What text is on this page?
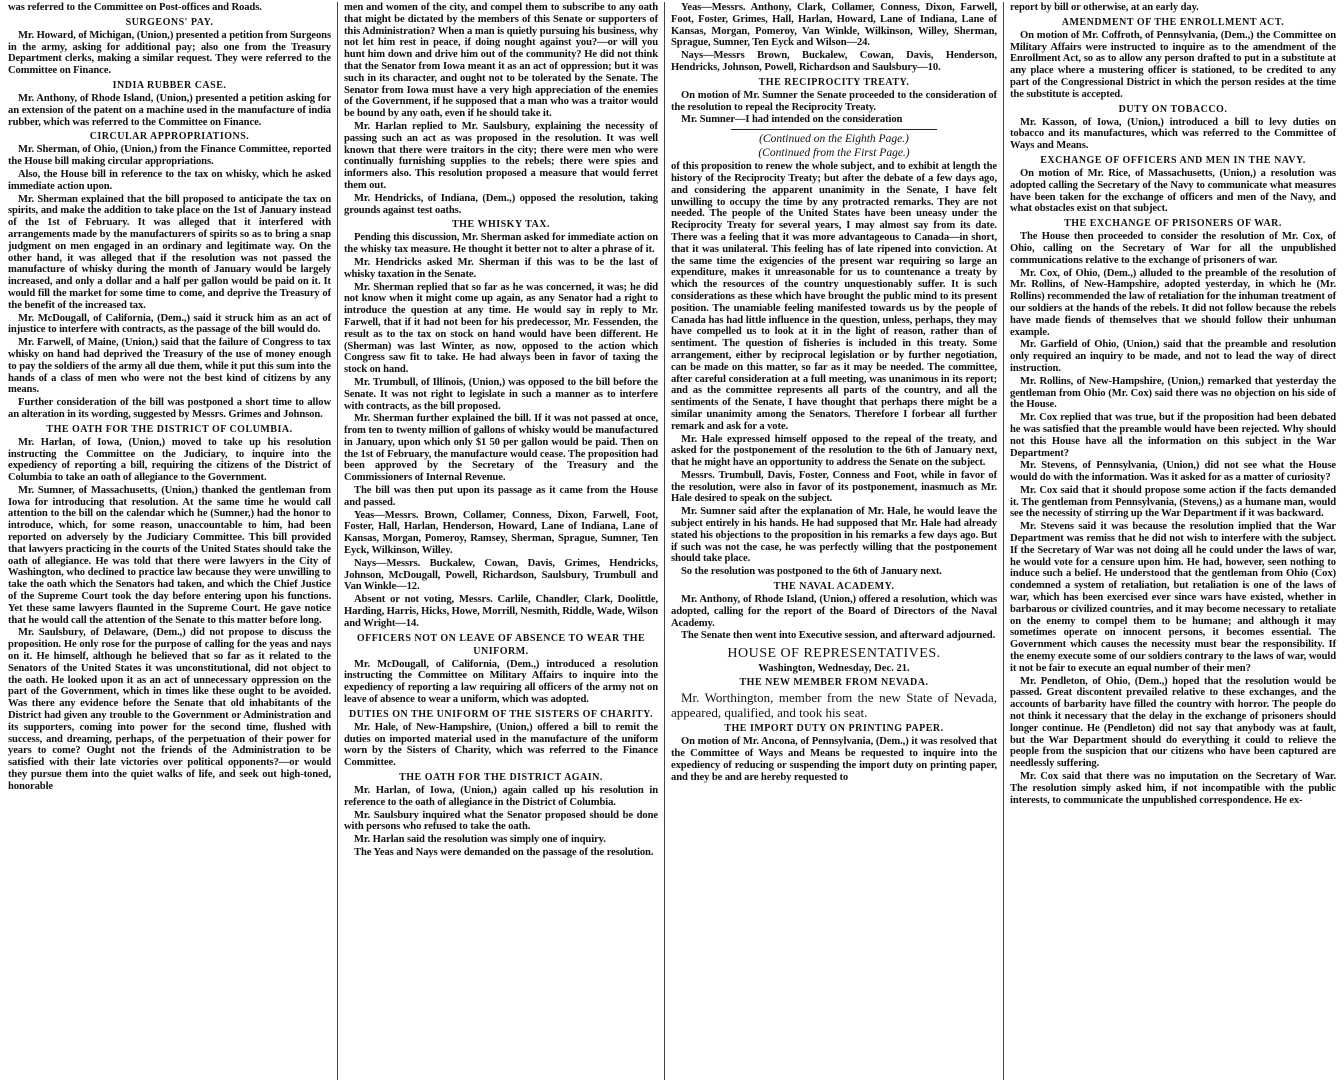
was referred to the Committee on Post-offices and Roads.

SURGEONS' PAY.

Mr. Howard, of Michigan, (Union,) presented a petition from Surgeons in the army, asking for additional pay; also one from the Treasury Department clerks, making a similar request. They were referred to the Committee on Finance.

INDIA RUBBER CASE.

Mr. Anthony, of Rhode Island, (Union,) presented a petition asking for an extension of the patent on a machine used in the manufacture of india rubber, which was referred to the Committee on Finance.

CIRCULAR APPROPRIATIONS.

Mr. Sherman, of Ohio, (Union,) from the Finance Committee, reported the House bill making circular appropriations.

Also, the House bill in reference to the tax on whisky, which he asked immediate action upon.

Mr. Sherman explained that the bill proposed to anticipate the tax on spirits, and make the addition to take place on the 1st of January instead of the 1st of February. It was alleged that it interfered with arrangements made by the manufacturers of spirits so as to bring a snap judgment on men engaged in an ordinary and legitimate way. On the other hand, it was alleged that if the resolution was not passed the manufacture of whisky during the month of January would be largely increased, and only a dollar and a half per gallon would be paid on it. It would fill the market for some time to come, and deprive the Treasury of the benefit of the increased tax.

Mr. McDougall, of California, (Dem.,) said it struck him as an act of injustice to interfere with contracts, as the passage of the bill would do.

Mr. Farwell, of Maine, (Union,) said that the failure of Congress to tax whisky on hand had deprived the Treasury of the use of money enough to pay the soldiers of the army all due them, while it put this sum into the hands of a class of men who were not the best kind of citizens by any means.

Further consideration of the bill was postponed a short time to allow an alteration in its wording, suggested by Messrs. Grimes and Johnson.

THE OATH FOR THE DISTRICT OF COLUMBIA.

Mr. Harlan, of Iowa, (Union,) moved to take up his resolution instructing the Committee on the Judiciary, to inquire into the expediency of reporting a bill, requiring the citizens of the District of Columbia to take an oath of allegiance to the Government.

Mr. Sumner, of Massachusetts, (Union,) thanked the gentleman from Iowa for introducing that resolution. At the same time he would call attention to the bill on the calendar which he (Sumner,) had the honor to introduce, which, for some reason, unaccountable to him, had been reported on adversely by the Judiciary Committee. This bill provided that lawyers practicing in the courts of the United States should take the oath of allegiance. He was told that there were lawyers in the City of Washington, who declined to practice law because they were unwilling to take the oath which the Senators had taken, and which the Chief Justice of the Supreme Court took the day before entering upon his functions. Yet these same lawyers flaunted in the Supreme Court. He gave notice that he would call the attention of the Senate to this matter before long.

Mr. Saulsbury, of Delaware, (Dem.,) did not propose to discuss the proposition. He only rose for the purpose of calling for the yeas and nays on it. He himself, although he believed that so far as it related to the Senators of the United States it was unconstitutional, did not object to the oath. He looked upon it as an act of unnecessary oppression on the part of the Government, which in times like these ought to be avoided. Was there any evidence before the Senate that old inhabitants of the District had given any trouble to the Government or Administration and its supporters, coming into power for the second time, flushed with success, and dreaming, perhaps, of the perpetuation of their power for years to come? Ought not the friends of the Administration to be satisfied with their late victories over political opponents?—or would they pursue them into the quiet walks of life, and seek out high-toned, honorable

men and women of the city, and compel them to subscribe to any oath that might be dictated by the members of this Senate or supporters of this Administration? When a man is quietly pursuing his business, why not let him rest in peace, if doing nought against you?—or will you hunt him down and drive him out of the community? He did not think that the Senator from Iowa meant it as an act of oppression; but it was such in its character, and ought not to be tolerated by the Senate. The Senator from Iowa must have a very high appreciation of the enemies of the Government, if he supposed that a man who was a traitor would be bound by any oath, even if he should take it.

Mr. Harlan replied to Mr. Saulsbury, explaining the necessity of passing such an act as was proposed in the resolution. It was well known that there were traitors in the city; there were men who were continually furnishing supplies to the rebels; there were spies and informers also. This resolution proposed a measure that would ferret them out.

Mr. Hendricks, of Indiana, (Dem.,) opposed the resolution, taking grounds against test oaths.

THE WHISKY TAX.

Pending this discussion, Mr. Sherman asked for immediate action on the whisky tax measure. He thought it better not to alter a phrase of it.

Mr. Hendricks asked Mr. Sherman if this was to be the last of whisky taxation in the Senate.

Mr. Sherman replied that so far as he was concerned, it was; he did not know when it might come up again, as any Senator had a right to introduce the question at any time. He would say in reply to Mr. Farwell, that if it had not been for his predecessor, Mr. Fessenden, the result as to the tax on stock on hand would have been different. He (Sherman) was last Winter, as now, opposed to the action which Congress saw fit to take. He had always been in favor of taxing the stock on hand.

Mr. Trumbull, of Illinois, (Union,) was opposed to the bill before the Senate. It was not right to legislate in such a manner as to interfere with contracts, as the bill proposed.

Mr. Sherman further explained the bill. If it was not passed at once, from ten to twenty million of gallons of whisky would be manufactured in January, upon which only $1 50 per gallon would be paid. Then on the 1st of February, the manufacture would cease. The proposition had been approved by the Secretary of the Treasury and the Commissioners of Internal Revenue.

The bill was then put upon its passage as it came from the House and passed.

Yeas—Messrs. Brown, Collamer, Conness, Dixon, Farwell, Foot, Foster, Hall, Harlan, Henderson, Howard, Lane of Indiana, Lane of Kansas, Morgan, Pomeroy, Ramsey, Sherman, Sprague, Sumner, Ten Eyck, Wilkinson, Willey.

Nays—Messrs. Buckalew, Cowan, Davis, Grimes, Hendricks, Johnson, McDougall, Powell, Richardson, Saulsbury, Trumbull and Van Winkle—12.

Absent or not voting, Messrs. Carlile, Chandler, Clark, Doolittle, Harding, Harris, Hicks, Howe, Morrill, Nesmith, Riddle, Wade, Wilson and Wright—14.

OFFICERS NOT ON LEAVE OF ABSENCE TO WEAR THE UNIFORM.

Mr. McDougall, of California, (Dem.,) introduced a resolution instructing the Committee on Military Affairs to inquire into the expediency of reporting a law requiring all officers of the army not on leave of absence to wear a uniform, which was adopted.

DUTIES ON THE UNIFORM OF THE SISTERS OF CHARITY.

Mr. Hale, of New-Hampshire, (Union,) offered a bill to remit the duties on imported material used in the manufacture of the uniform worn by the Sisters of Charity, which was referred to the Finance Committee.

THE OATH FOR THE DISTRICT AGAIN.

Mr. Harlan, of Iowa, (Union,) again called up his resolution in reference to the oath of allegiance in the District of Columbia.

Mr. Saulsbury inquired what the Senator proposed should be done with persons who refused to take the oath.

Mr. Harlan said the resolution was simply one of inquiry.

The Yeas and Nays were demanded on the passage of the resolution.

Yeas—Messrs. Anthony, Clark, Collamer, Conness, Dixon, Farwell, Foot, Foster, Grimes, Hall, Harlan, Howard, Lane of Indiana, Lane of Kansas, Morgan, Pomeroy, Van Winkle, Wilkinson, Willey, Sherman, Sprague, Sumner, Ten Eyck and Wilson—24.

Nays—Messrs Brown, Buckalew, Cowan, Davis, Henderson, Hendricks, Johnson, Powell, Richardson and Saulsbury—10.

THE RECIPROCITY TREATY.

On motion of Mr. Sumner the Senate proceeded to the consideration of the resolution to repeal the Reciprocity Treaty.

Mr. Sumner—I had intended on the consideration

(Continued on the Eighth Page.)
(Continued from the First Page.)

of this proposition to renew the whole subject, and to exhibit at length the history of the Reciprocity Treaty; but after the debate of a few days ago, and considering the apparent unanimity in the Senate, I have felt unwilling to occupy the time by any protracted remarks. They are not needed. The people of the United States have been uneasy under the Reciprocity Treaty for several years, I may almost say from its date. There was a feeling that it was more advantageous to Canada—in short, that it was unilateral. This feeling has of late ripened into conviction. At the same time the exigencies of the present war requiring so large an expenditure, makes it unreasonable for us to countenance a treaty by which the resources of the country unquestionably suffer. It is such considerations as these which have brought the public mind to its present position. The unamiable feeling manifested towards us by the people of Canada has had little influence in the question, unless, perhaps, they may have compelled us to look at it in the light of reason, rather than of sentiment. The question of fisheries is included in this treaty. Some arrangement, either by reciprocal legislation or by further negotiation, can be made on this matter, so far as it may be needed. The committee, after careful consideration at a full meeting, was unanimous in its report; and as the committee represents all parts of the country, and all the sentiments of the Senate, I have thought that perhaps there might be a similar unanimity among the Senators. Therefore I forbear all further remark and ask for a vote.

Mr. Hale expressed himself opposed to the repeal of the treaty, and asked for the postponement of the resolution to the 6th of January next, that he might have an opportunity to address the Senate on the subject.

Messrs. Trumbull, Davis, Foster, Conness and Foot, while in favor of the resolution, were also in favor of its postponement, inasmuch as Mr. Hale desired to speak on the subject.

Mr. Sumner said after the explanation of Mr. Hale, he would leave the subject entirely in his hands. He had supposed that Mr. Hale had already stated his objections to the proposition in his remarks a few days ago. But if such was not the case, he was perfectly willing that the postponement should take place.

So the resolution was postponed to the 6th of January next.

THE NAVAL ACADEMY.

Mr. Anthony, of Rhode Island, (Union,) offered a resolution, which was adopted, calling for the report of the Board of Directors of the Naval Academy.

The Senate then went into Executive session, and afterward adjourned.

HOUSE OF REPRESENTATIVES.
Washington, Wednesday, Dec. 21.
THE NEW MEMBER FROM NEVADA.

Mr. Worthington, member from the new State of Nevada, appeared, qualified, and took his seat.

THE IMPORT DUTY ON PRINTING PAPER.

On motion of Mr. Ancona, of Pennsylvania, (Dem.,) it was resolved that the Committee of Ways and Means be requested to inquire into the expediency of reducing or suspending the import duty on printing paper, and they be and are hereby requested to

report by bill or otherwise, at an early day.

AMENDMENT OF THE ENROLLMENT ACT.

On motion of Mr. Coffroth, of Pennsylvania, (Dem.,) the Committee on Military Affairs were instructed to inquire as to the amendment of the Enrollment Act, so as to allow any person drafted to put in a substitute at any place where a mustering officer is stationed, to be credited to any part of the Congressional District in which the person resides at the time the substitute is accepted.

DUTY ON TOBACCO.

Mr. Kasson, of Iowa, (Union,) introduced a bill to levy duties on tobacco and its manufactures, which was referred to the Committee of Ways and Means.

EXCHANGE OF OFFICERS AND MEN IN THE NAVY.

On motion of Mr. Rice, of Massachusetts, (Union,) a resolution was adopted calling the Secretary of the Navy to communicate what measures have been taken for the exchange of officers and men of the Navy, and what obstacles exist on that subject.

THE EXCHANGE OF PRISONERS OF WAR.

The House then proceeded to consider the resolution of Mr. Cox, of Ohio, calling on the Secretary of War for all the unpublished communications relative to the exchange of prisoners of war.

Mr. Cox, of Ohio, (Dem.,) alluded to the preamble of the resolution of Mr. Rollins, of New-Hampshire, adopted yesterday, in which he (Mr. Rollins) recommended the law of retaliation for the inhuman treatment of our soldiers at the hands of the rebels. It did not follow because the rebels have made fiends of themselves that we should follow their unhuman example.

Mr. Garfield of Ohio, (Union,) said that the preamble and resolution only required an inquiry to be made, and not to lead the way of direct instruction.

Mr. Rollins, of New-Hampshire, (Union,) remarked that yesterday the gentleman from Ohio (Mr. Cox) said there was no objection on his side of the House.

Mr. Cox replied that was true, but if the proposition had been debated he was satisfied that the preamble would have been rejected. Why should not this House have all the information on this subject in the War Department?

Mr. Stevens, of Pennsylvania, (Union,) did not see what the House would do with the information. Was it asked for as a matter of curiosity?

Mr. Cox said that it should propose some action if the facts demanded it. The gentleman from Pennsylvania, (Stevens,) as a humane man, would see the necessity of stirring up the War Department if it was backward.

Mr. Stevens said it was because the resolution implied that the War Department was remiss that he did not wish to interfere with the subject. If the Secretary of War was not doing all he could under the laws of war, he would vote for a censure upon him. He had, however, seen nothing to induce such a belief. He understood that the gentleman from Ohio (Cox) condemned a system of retaliation, but retaliation is one of the laws of war, which has been exercised ever since wars have existed, whether in barbarous or civilized countries, and it may become necessary to retaliate on the enemy to compel them to be humane; and although it may sometimes operate on innocent persons, it becomes essential. The Government which causes the necessity must bear the responsibility. If the enemy execute some of our soldiers contrary to the laws of war, would it not be fair to execute an equal number of their men?

Mr. Pendleton, of Ohio, (Dem.,) hoped that the resolution would be passed. Great discontent prevailed relative to these exchanges, and the accounts of barbarity have filled the country with horror. The people do not think it necessary that the delay in the exchange of prisoners should longer continue. He (Pendleton) did not say that anybody was at fault, but the War Department should do everything it could to relieve the people from the suspicion that our citizens who have been captured are needlessly suffering.

Mr. Cox said that there was no imputation on the Secretary of War. The resolution simply asked him, if not incompatible with the public interests, to communicate the unpublished correspondence. He ex-
